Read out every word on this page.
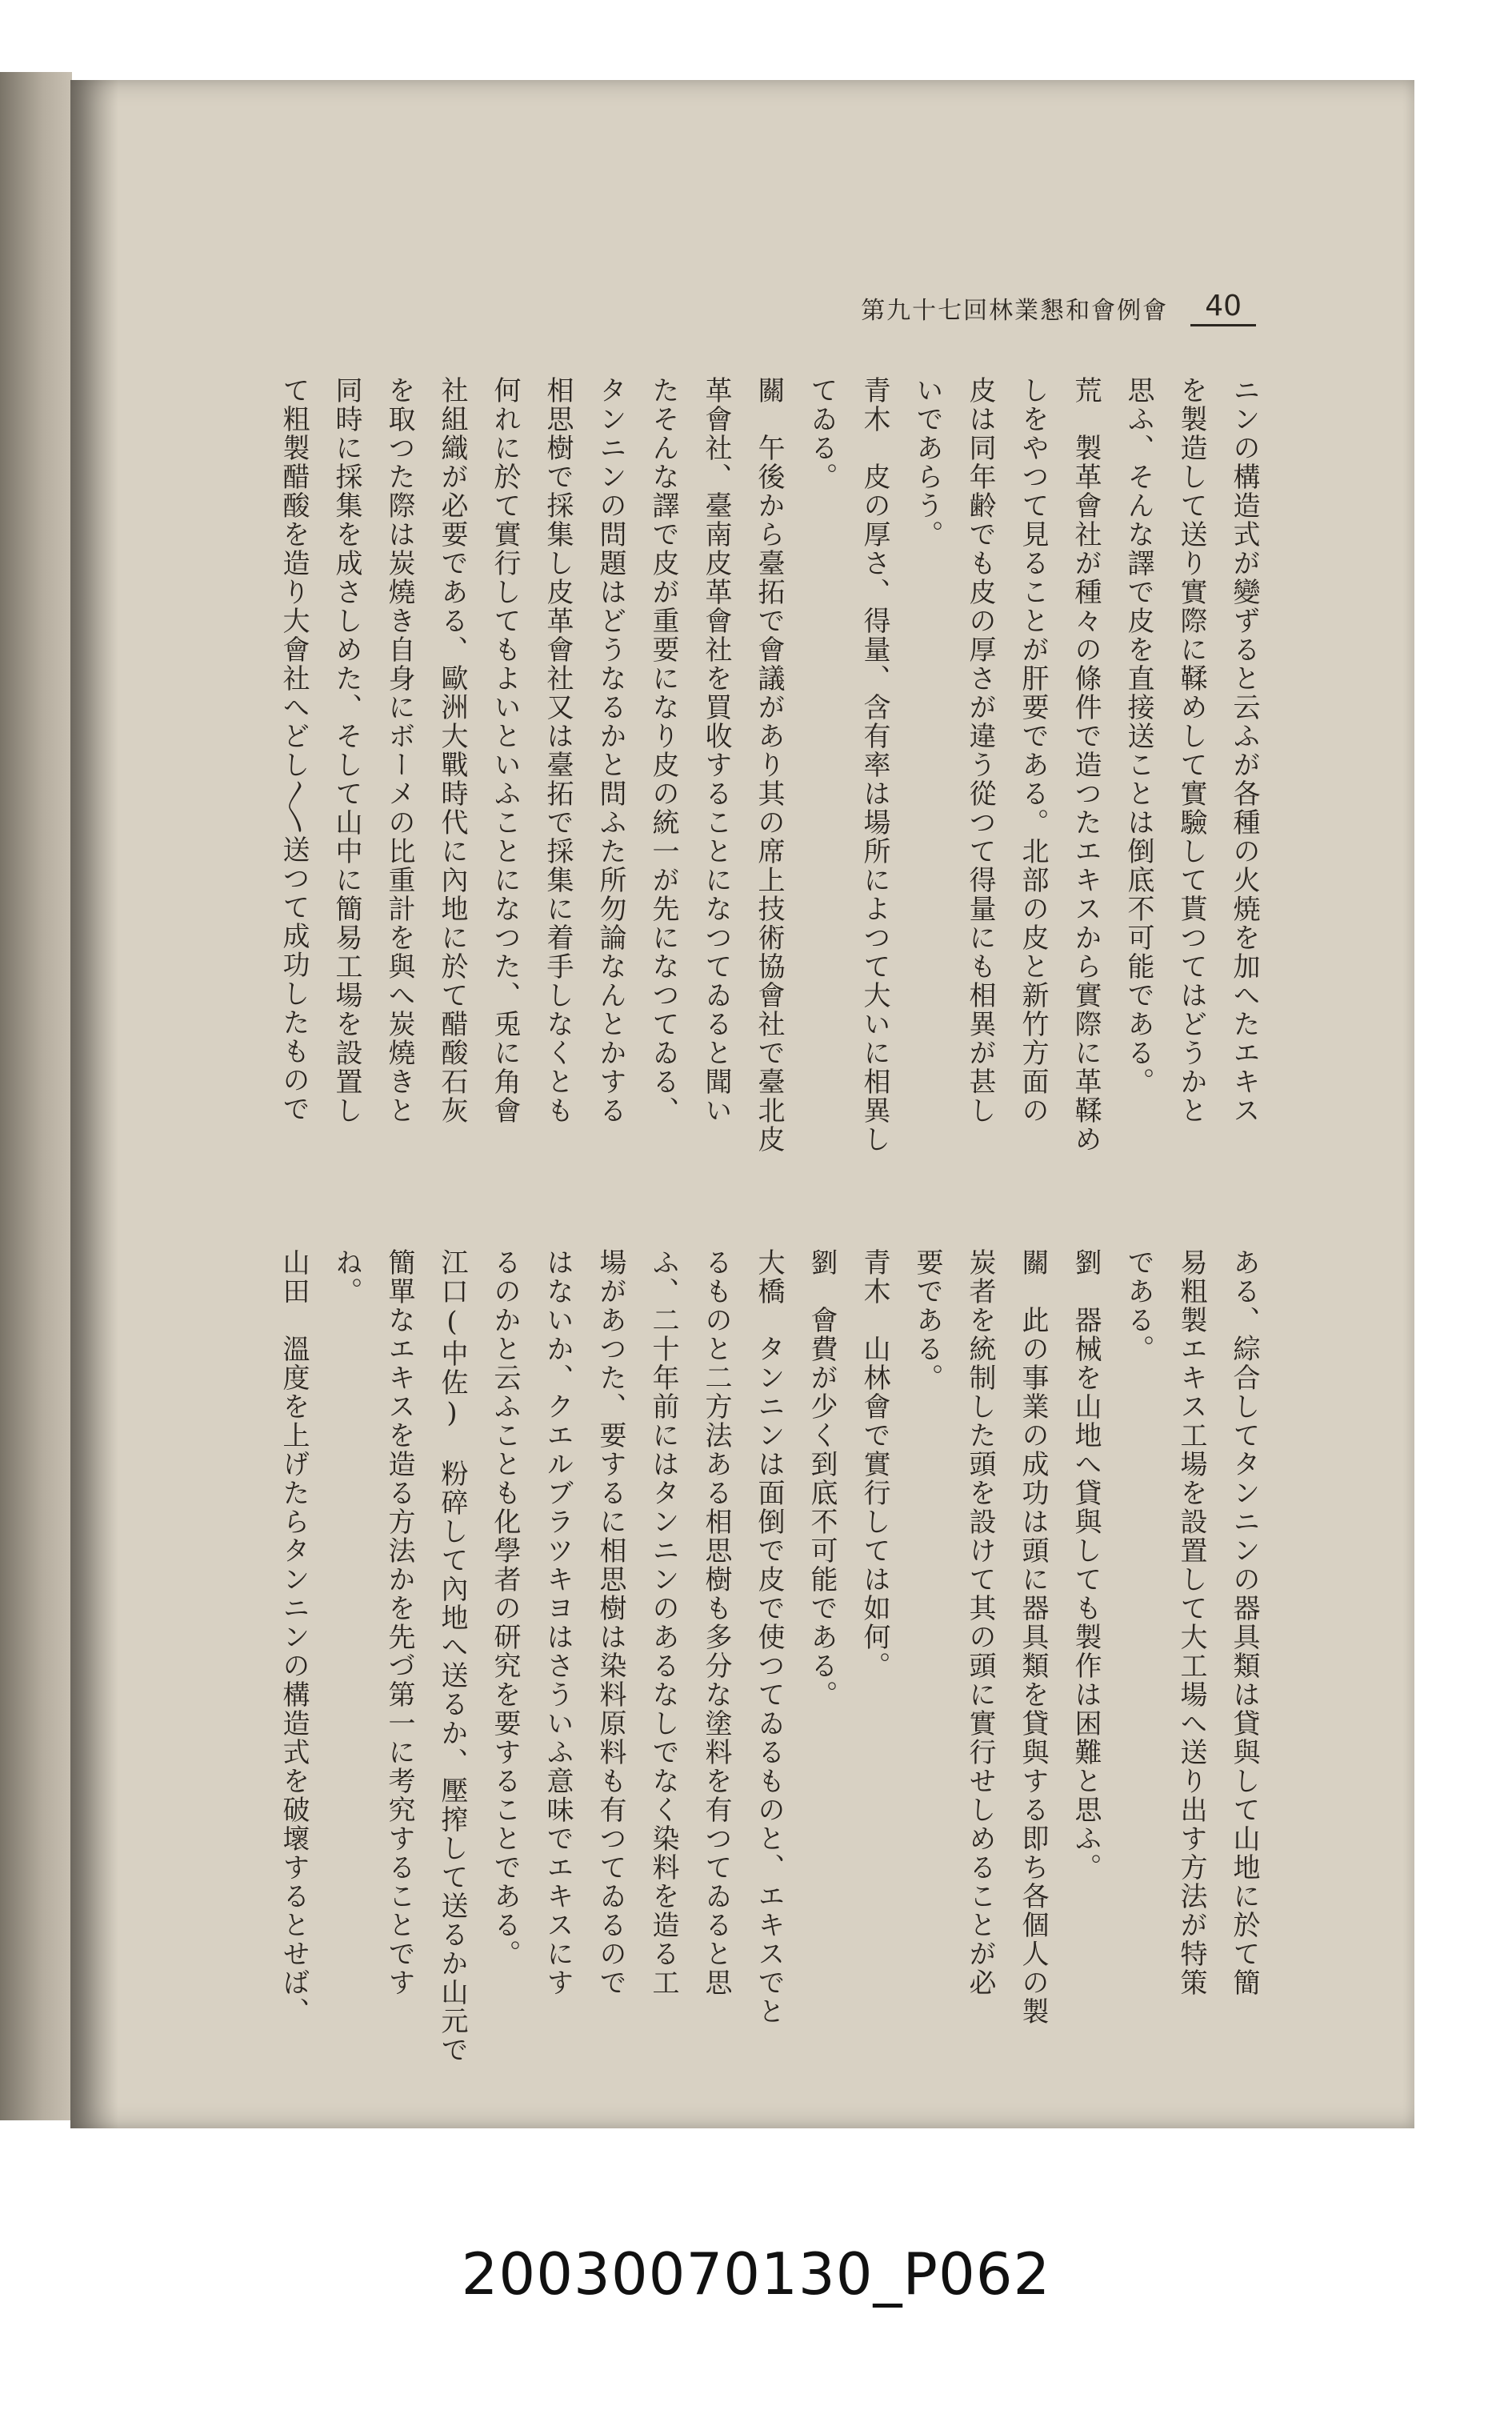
第九十七回林業懇和會例會	40

ニンの構造式が變ずると云ふが各種の火焼を加へたエキス

を製造して送り實際に鞣めして實驗して貰つてはどうかと

思ふ、そんな譯で皮を直接送ことは倒底不可能である。

荒　製革會社が種々の條件で造つたエキスから實際に革鞣め

しをやつて見ることが肝要である。北部の皮と新竹方面の

皮は同年齢でも皮の厚さが違う從つて得量にも相異が甚し

いであらう。

青木　皮の厚さ、得量、含有率は場所によつて大いに相異し

てゐる。

關　午後から臺拓で會議があり其の席上技術協會社で臺北皮

革會社、臺南皮革會社を買收することになつてゐると聞い

たそんな譯で皮が重要になり皮の統一が先になつてゐる、

タンニンの問題はどうなるかと問ふた所勿論なんとかする

相思樹で採集し皮革會社又は臺拓で採集に着手しなくとも

何れに於て實行してもよいといふことになつた、兎に角會

社組織が必要である、歐洲大戰時代に內地に於て醋酸石灰

を取つた際は炭燒き自身にボーメの比重計を與へ炭燒きと

同時に採集を成さしめた、そして山中に簡易工場を設置し

て粗製醋酸を造り大會社へどし〳〵送つて成功したもので

ある、綜合してタンニンの器具類は貸與して山地に於て簡

易粗製エキス工場を設置して大工場へ送り出す方法が特策

である。

劉　器械を山地へ貸與しても製作は困難と思ふ。

關　此の事業の成功は頭に器具類を貸與する即ち各個人の製

炭者を統制した頭を設けて其の頭に實行せしめることが必

要である。

青木　山林會で實行しては如何。

劉　會費が少く到底不可能である。

大橋　タンニンは面倒で皮で使つてゐるものと、エキスでと

るものと二方法ある相思樹も多分な塗料を有つてゐると思

ふ、二十年前にはタンニンのあるなしでなく染料を造る工

場があつた、要するに相思樹は染料原料も有つてゐるので

はないか、クエルブラツキヨはさういふ意味でエキスにす

るのかと云ふことも化學者の研究を要することである。

江口(中佐)　粉碎して內地へ送るか、壓搾して送るか山元で

簡單なエキスを造る方法かを先づ第一に考究することです

ね。

山田　溫度を上げたらタンニンの構造式を破壞するとせば、

20030070130_P062
